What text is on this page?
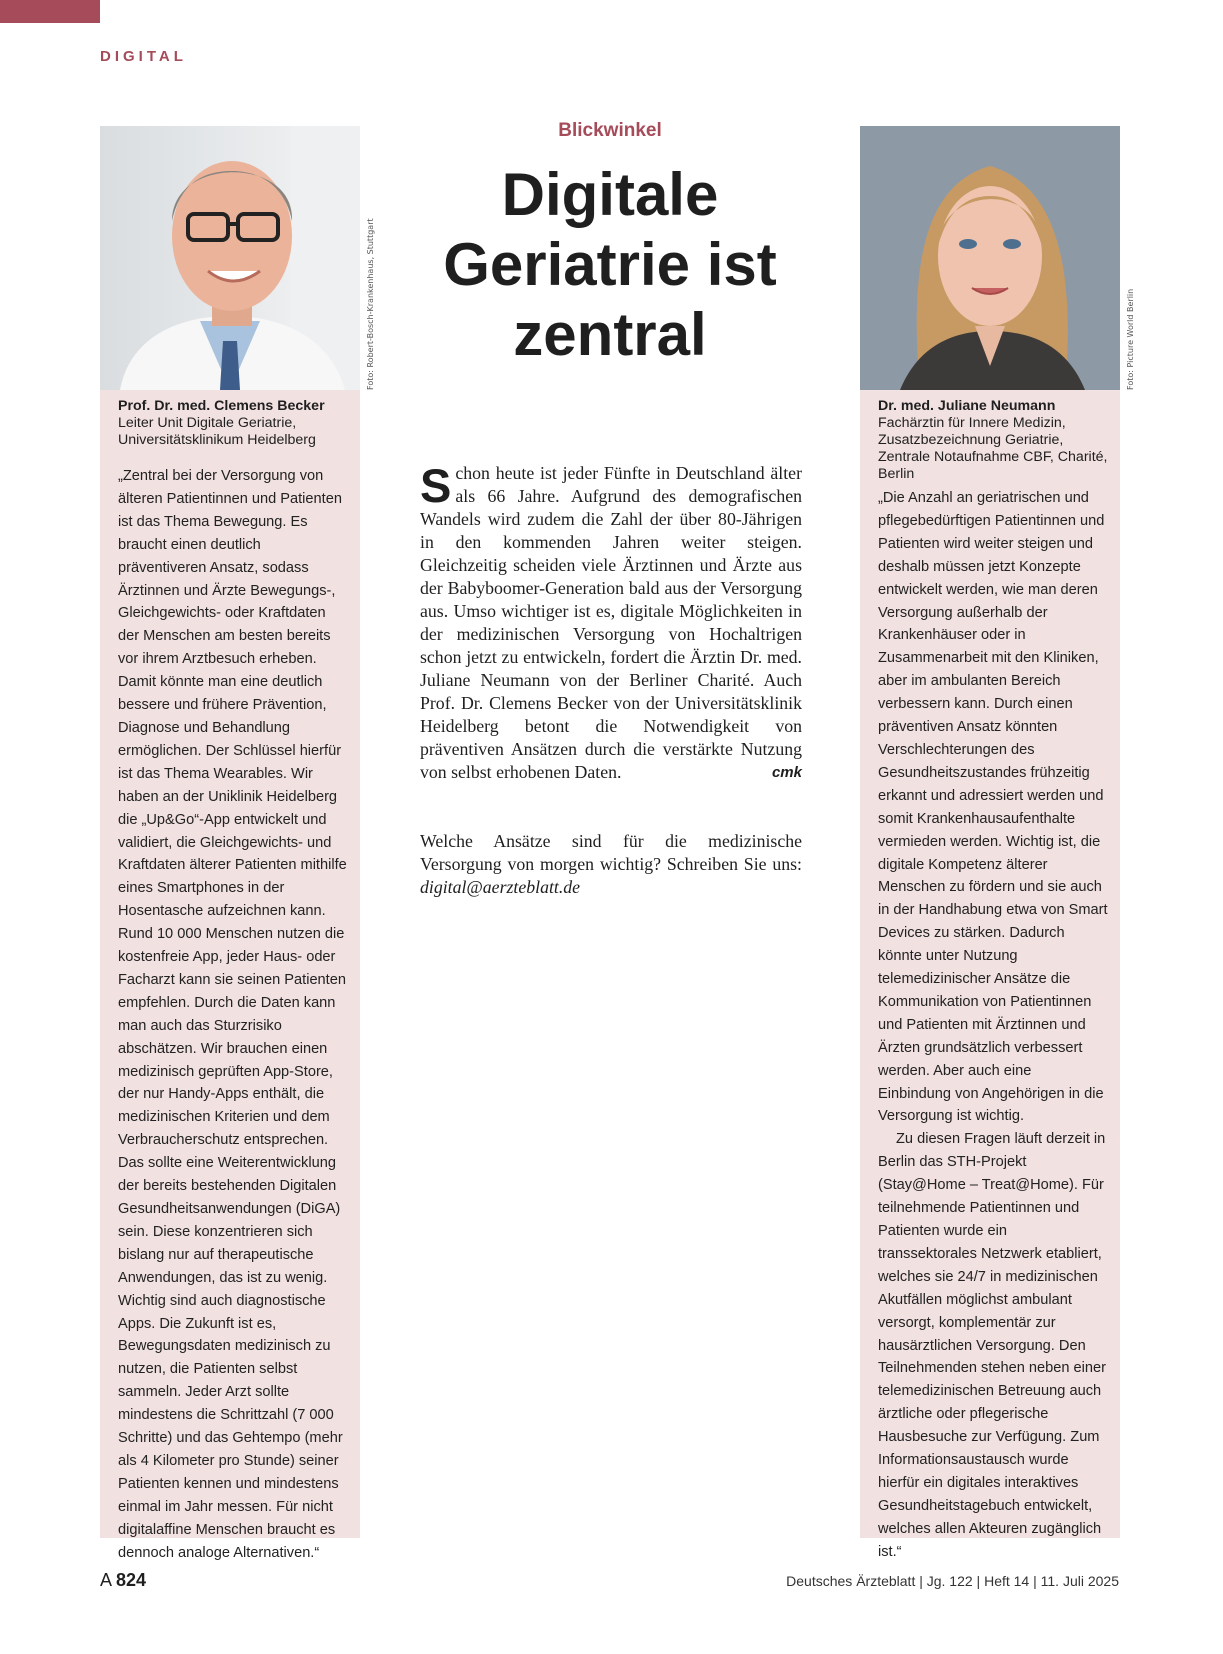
DIGITAL
Prof. Dr. med. Clemens Becker
Leiter Unit Digitale Geriatrie, Universitätsklinikum Heidelberg

„Zentral bei der Versorgung von älteren Patientinnen und Patienten ist das Thema Bewegung. Es braucht einen deutlich präventiveren Ansatz, sodass Ärztinnen und Ärzte Bewegungs-, Gleichgewichts- oder Kraftdaten der Menschen am besten bereits vor ihrem Arztbesuch erheben. Damit könnte man eine deutlich bessere und frühere Prävention, Diagnose und Behandlung ermöglichen. Der Schlüssel hierfür ist das Thema Wearables. Wir haben an der Uniklinik Heidelberg die „Up&Go“-App entwickelt und validiert, die Gleichgewichts- und Kraftdaten älterer Patienten mithilfe eines Smartphones in der Hosentasche aufzeichnen kann. Rund 10 000 Menschen nutzen die kostenfreie App, jeder Haus- oder Facharzt kann sie seinen Patienten empfehlen. Durch die Daten kann man auch das Sturzrisiko abschätzen. Wir brauchen einen medizinisch geprüften App-Store, der nur Handy-Apps enthält, die medizinischen Kriterien und dem Verbraucherschutz entsprechen. Das sollte eine Weiterentwicklung der bereits bestehenden Digitalen Gesundheitsanwendungen (DiGA) sein. Diese konzentrieren sich bislang nur auf therapeutische Anwendungen, das ist zu wenig. Wichtig sind auch diagnostische Apps. Die Zukunft ist es, Bewegungsdaten medizinisch zu nutzen, die Patienten selbst sammeln. Jeder Arzt sollte mindestens die Schrittzahl (7 000 Schritte) und das Gehtempo (mehr als 4 Kilometer pro Stunde) seiner Patienten kennen und mindestens einmal im Jahr messen. Für nicht digitalaffine Menschen braucht es dennoch analoge Alternativen.“

Foto: Robert-Bosch-Krankenhaus, Stuttgart
Blickwinkel
Digitale Geriatrie ist zentral

Schon heute ist jeder Fünfte in Deutschland älter als 66 Jahre. Aufgrund des demografischen Wandels wird zudem die Zahl der über 80-Jährigen in den kommenden Jahren weiter steigen. Gleichzeitig scheiden viele Ärztinnen und Ärzte aus der Babyboomer-Generation bald aus der Versorgung aus. Umso wichtiger ist es, digitale Möglichkeiten in der medizinischen Versorgung von Hochaltrigen schon jetzt zu entwickeln, fordert die Ärztin Dr. med. Juliane Neumann von der Berliner Charité. Auch Prof. Dr. Clemens Becker von der Universitätsklinik Heidelberg betont die Notwendigkeit von präventiven Ansätzen durch die verstärkte Nutzung von selbst erhobenen Daten.	cmk

Welche Ansätze sind für die medizinische Versorgung von morgen wichtig? Schreiben Sie uns: digital@aerzteblatt.de

Dr. med. Juliane Neumann
Fachärztin für Innere Medizin, Zusatzbezeichnung Geriatrie, Zentrale Notaufnahme CBF, Charité, Berlin

„Die Anzahl an geriatrischen und pflegebedürftigen Patientinnen und Patienten wird weiter steigen und deshalb müssen jetzt Konzepte entwickelt werden, wie man deren Versorgung außerhalb der Krankenhäuser oder in Zusammenarbeit mit den Kliniken, aber im ambulanten Bereich verbessern kann. Durch einen präventiven Ansatz könnten Verschlechterungen des Gesundheitszustandes frühzeitig erkannt und adressiert werden und somit Krankenhausaufenthalte vermieden werden. Wichtig ist, die digitale Kompetenz älterer Menschen zu fördern und sie auch in der Handhabung etwa von Smart Devices zu stärken. Dadurch könnte unter Nutzung telemedizinischer Ansätze die Kommunikation von Patientinnen und Patienten mit Ärztinnen und Ärzten grundsätzlich verbessert werden. Aber auch eine Einbindung von Angehörigen in die Versorgung ist wichtig.

Zu diesen Fragen läuft derzeit in Berlin das STH-Projekt (Stay@Home – Treat@Home). Für teilnehmende Patientinnen und Patienten wurde ein transsektorales Netzwerk etabliert, welches sie 24/7 in medizinischen Akutfällen möglichst ambulant versorgt, komplementär zur hausärztlichen Versorgung. Den Teilnehmenden stehen neben einer telemedizinischen Betreuung auch ärztliche oder pflegerische Hausbesuche zur Verfügung. Zum Informationsaustausch wurde hierfür ein digitales interaktives Gesundheitstagebuch entwickelt, welches allen Akteuren zugänglich ist.“

Foto: Picture World Berlin
A 824	Deutsches Ärzteblatt | Jg. 122 | Heft 14 | 11. Juli 2025
